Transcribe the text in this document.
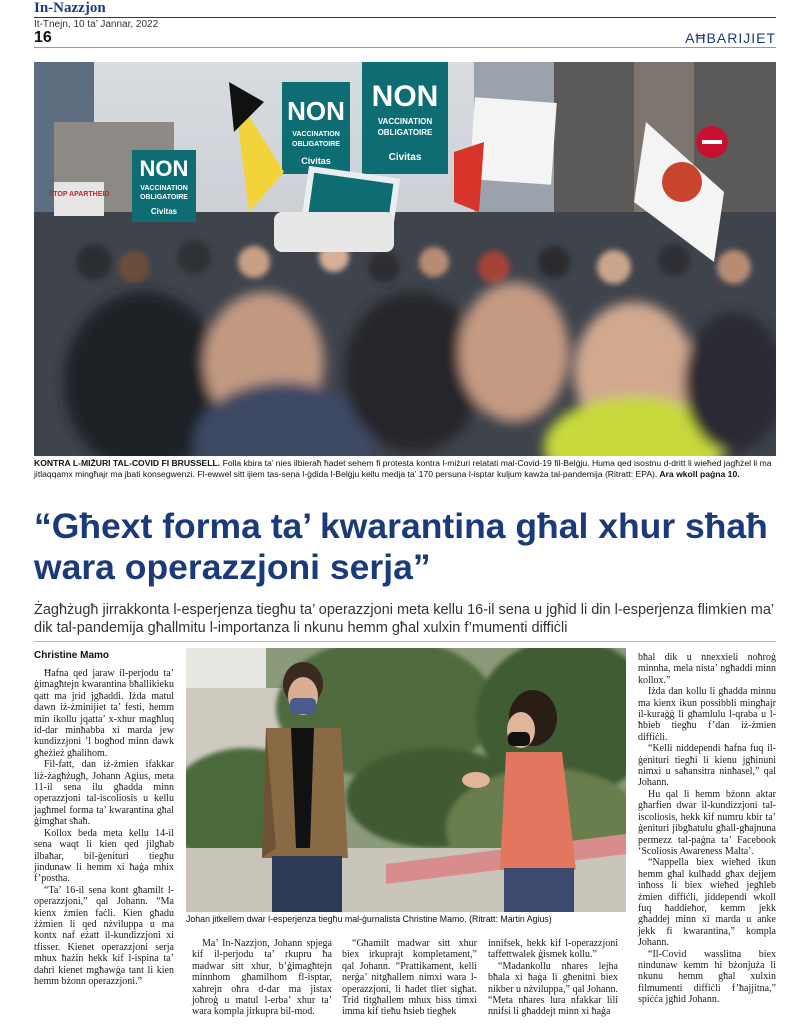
In-Nazzjon
It-Tnejn, 10 ta’ Jannar, 2022
16	AĦBARIJIET
NON
VACCINATION
OBLIGATOIRE
Civitas
NON
VACCINATION
OBLIGATOIRE
Civitas
NON
VACCINATION
OBLIGATOIRE
Civitas
STOP APARTHEID
KONTRA L-MIŻURI TAL-COVID FI BRUSSELL. Folla kbira ta’ nies ilbieraħ ħadet sehem fi protesta kontra l-miżuri relatati mal-Covid-19 fil-Belġju. Huma qed isostnu d-dritt li wieħed jagħżel li ma jitlaqqamx mingħajr ma jbati konsegwenzi. Fl-ewwel sitt ijiem tas-sena l-ġdida l-Belġju kellu medja ta’ 170 persuna l-isptar kuljum kawża tal-pandemija (Ritratt: EPA). Ara wkoll paġna 10.
“Għext forma ta’ kwarantina għal xhur sħaħ wara operazzjoni serja”
Żagħżugħ jirrakkonta l-esperjenza tiegħu ta’ operazzjoni meta kellu 16-il sena u jgħid li din l-esperjenza flimkien ma’ dik tal-pandemija għallmitu l-importanza li nkunu hemm għal xulxin f’mumenti diffiċli
Christine Mamo

Ħafna qed jaraw il-perjodu ta’ ġimagħtejn kwarantina bħallikieku qatt ma jrid jgħaddi. Iżda matul dawn iż-żminijiet ta’ festi, hemm min ikollu jqatta’ x-xhur magħluq id-dar minħabba xi marda jew kundizzjoni ’l bogħod minn dawk għeżież għalihom.

Fil-fatt, dan iż-żmien ifakkar liż-żagħżugħ, Johann Agius, meta 11-il sena ilu għadda minn operazzjoni tal-iscoliosis u kellu jagħmel forma ta’ kwarantina għal ġimgħat sħaħ.

Kollox beda meta kellu 14-il sena waqt li kien qed jilgħab ilbaħar, bil-ġenituri tiegħu jindunaw li hemm xi ħaġa mhix f’postha.

“Ta’ 16-il sena kont għamilt l-operazzjoni,” qal Johann. “Ma kienx żmien faċli. Kien għadu żżmien li qed nżviluppa u ma kontx naf eżatt il-kundizzjoni xi tfisser. Kienet operazzjoni serja mhux ħażin hekk kif l-ispina ta’ dahri kienet mgħawġa tant li kien hemm bżonn operazzjoni.”

Johan jitkellem dwar l-esperjenza tiegħu mal-ġurnalista Christine Mamo. (Ritratt: Martin Agius)

Ma’ In-Nazzjon, Johann spjega kif il-perjodu ta’ rkupru ħa madwar sitt xhur, b’ġimagħtejn minnhom għamilhom fl-isptar, xahrejn oħra d-dar ma jistax joħroġ u matul l-erba’ xhur ta’ wara kompla jirkupra bil-mod.

“Għamilt madwar sitt xhur biex irkuprajt kompletament,” qal Johann. “Prattikament, kelli nerġa’ nitgħallem nimxi wara l-operazzjoni, li ħadet tliet sigħat. Trid titgħallem mhux biss timxi imma kif tieħu ħsieb tiegħek

innifsek, hekk kif l-operazzjoni taffettwalek ġismek kollu.”

“Madankollu nħares lejha bħala xi ħaġa li għenitni biex nikber u nżviluppa,” qal Johann. “Meta nħares lura nfakkar lili nnifsi li għaddejt minn xi ħaġa

bħal dik u nnexxieli noħroġ minnha, mela nista’ ngħaddi minn kollox.”

Iżda dan kollu li għadda minnu ma kienx ikun possibbli mingħajr il-kuraġġ li għamlulu l-qraba u l-ħbieb tiegħu f’dan iż-żmien diffiċli.

“Kelli niddependi ħafna fuq il-ġenituri tiegħi li kienu jgħinuni nimxi u saħansitra ninħasel,” qal Johann.

Hu qal li hemm bżonn aktar għarfien dwar il-kundizzjoni tal-iscoliosis, hekk kif numru kbir ta’ ġenituri jibgħatulu għall-għajnuna permezz tal-paġna ta’ Facebook ‘Scoliosis Awareness Malta’.

“Nappella biex wieħed ikun hemm għal kulħadd għax dejjem inħoss li biex wieħed jegħleb żmien diffiċli, jiddependi wkoll fuq ħaddieħor, kemm jekk għaddej minn xi marda u anke jekk fi kwarantina,” kompla Johann.

“Il-Covid wasslitna biex nindunaw kemm hi bżonjuża li nkunu hemm għal xulxin filmumenti diffiċli f’ħajjitna,” spiċċa jgħid Johann.
